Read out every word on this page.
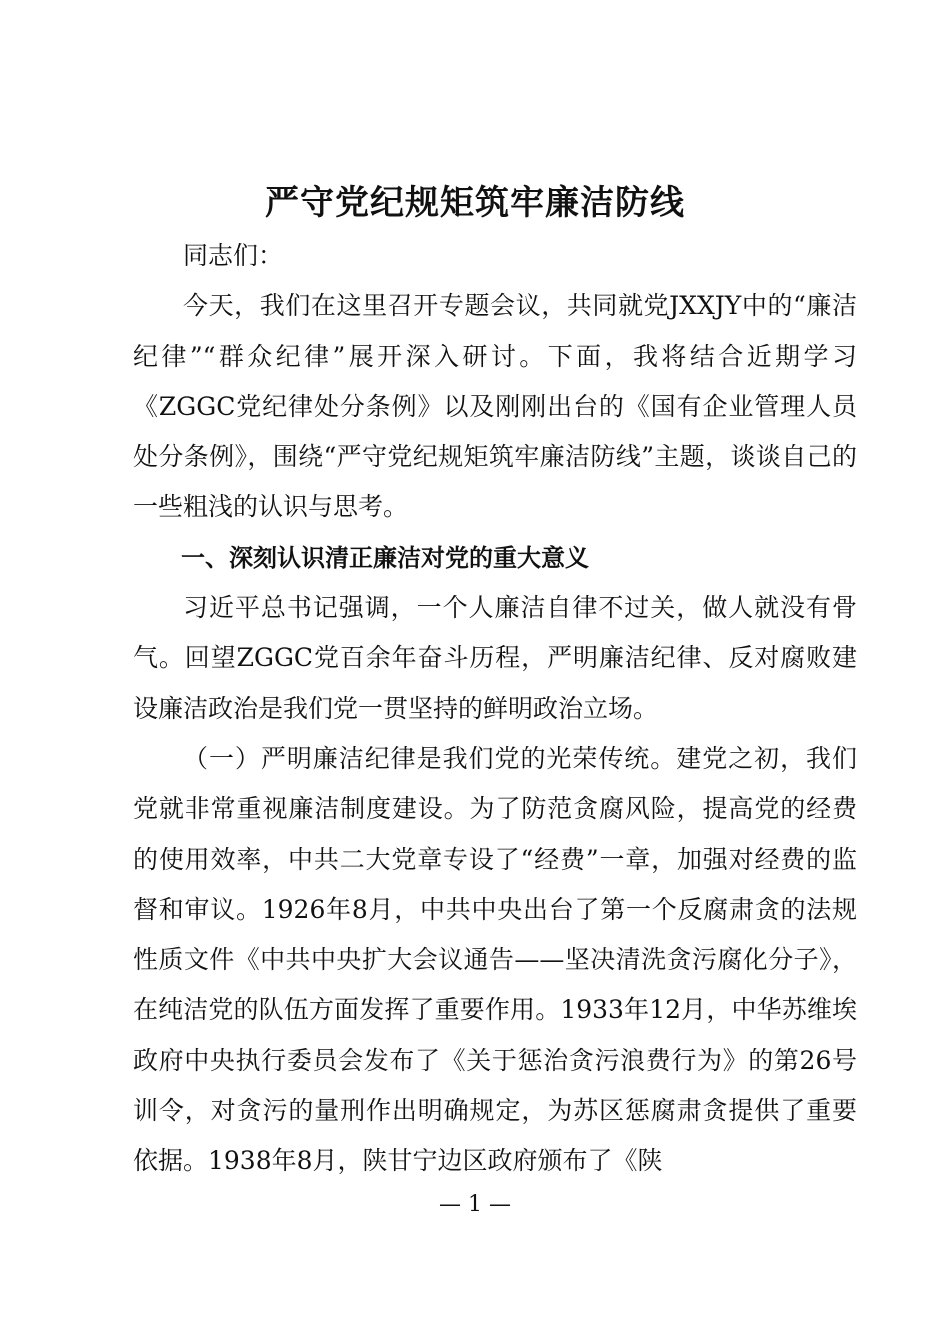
严守党纪规矩筑牢廉洁防线

同志们：

今天，我们在这里召开专题会议，共同就党JXXJY中的“廉洁纪律”“群众纪律”展开深入研讨。下面，我将结合近期学习《ZGGC党纪律处分条例》以及刚刚出台的《国有企业管理人员处分条例》，围绕“严守党纪规矩筑牢廉洁防线”主题，谈谈自己的一些粗浅的认识与思考。

一、深刻认识清正廉洁对党的重大意义

习近平总书记强调，一个人廉洁自律不过关，做人就没有骨气。回望ZGGC党百余年奋斗历程，严明廉洁纪律、反对腐败建设廉洁政治是我们党一贯坚持的鲜明政治立场。

（一）严明廉洁纪律是我们党的光荣传统。建党之初，我们党就非常重视廉洁制度建设。为了防范贪腐风险，提高党的经费的使用效率，中共二大党章专设了“经费”一章，加强对经费的监督和审议。1926年8月，中共中央出台了第一个反腐肃贪的法规性质文件《中共中央扩大会议通告——坚决清洗贪污腐化分子》，在纯洁党的队伍方面发挥了重要作用。1933年12月，中华苏维埃政府中央执行委员会发布了《关于惩治贪污浪费行为》的第26号训令，对贪污的量刑作出明确规定，为苏区惩腐肃贪提供了重要依据。1938年8月，陕甘宁边区政府颁布了《陕

— 1 —
